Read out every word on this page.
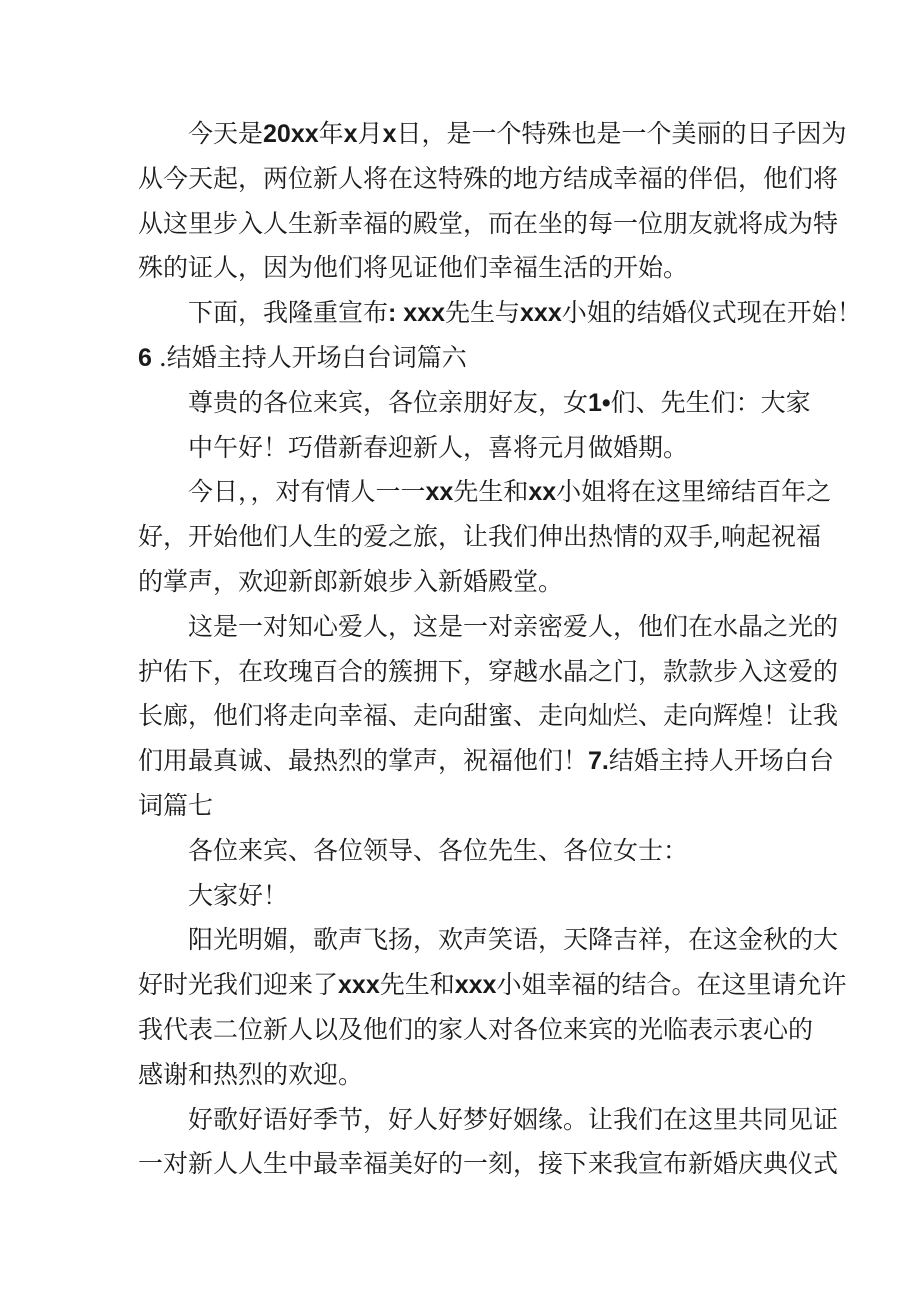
今天是20xx年x月x日，是一个特殊也是一个美丽的日子因为
从今天起，两位新人将在这特殊的地方结成幸福的伴侣，他们将
从这里步入人生新幸福的殿堂，而在坐的每一位朋友就将成为特
殊的证人，因为他们将见证他们幸福生活的开始。
下面，我隆重宣布: xxx先生与xxx小姐的结婚仪式现在开始！
6 .结婚主持人开场白台词篇六
尊贵的各位来宾，各位亲朋好友，女1•们、先生们：大家
中午好！巧借新春迎新人，喜将元月做婚期。
今日，，对有情人一一xx先生和xx小姐将在这里缔结百年之
好，开始他们人生的爱之旅，让我们伸出热情的双手,响起祝福
的掌声，欢迎新郎新娘步入新婚殿堂。
这是一对知心爱人，这是一对亲密爱人，他们在水晶之光的
护佑下，在玫瑰百合的簇拥下，穿越水晶之门，款款步入这爱的
长廊，他们将走向幸福、走向甜蜜、走向灿烂、走向辉煌！让我
们用最真诚、最热烈的掌声，祝福他们！7.结婚主持人开场白台
词篇七
各位来宾、各位领导、各位先生、各位女士：
大家好！
阳光明媚，歌声飞扬，欢声笑语，天降吉祥，在这金秋的大
好时光我们迎来了xxx先生和xxx小姐幸福的结合。在这里请允许
我代表二位新人以及他们的家人对各位来宾的光临表示衷心的
感谢和热烈的欢迎。
好歌好语好季节，好人好梦好姻缘。让我们在这里共同见证
一对新人人生中最幸福美好的一刻，接下来我宣布新婚庆典仪式
